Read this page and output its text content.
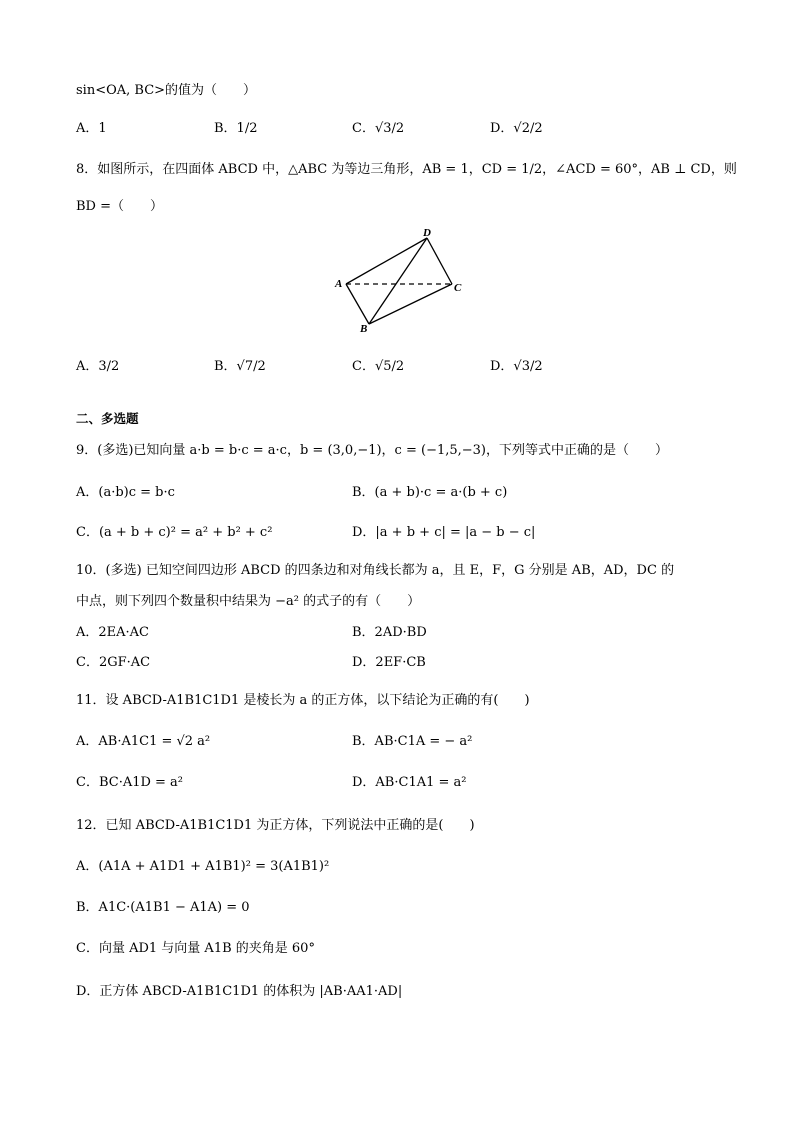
sin<OA, BC>的值为（　　）
A．1	B．1/2	C．√3/2	D．√2/2
8．如图所示，在四面体 ABCD 中，△ABC 为等边三角形，AB = 1，CD = 1/2，∠ACD = 60°，AB ⊥ CD，则
BD =（　　）
A
B
C
D
A．3/2	B．√7/2	C．√5/2	D．√3/2
二、多选题
9．(多选)已知向量 a·b = b·c = a·c，b = (3,0,−1)，c = (−1,5,−3)，下列等式中正确的是（　　）
A．(a·b)c = b·c	B．(a + b)·c = a·(b + c)
C．(a + b + c)² = a² + b² + c²	D．|a + b + c| = |a − b − c|
10．(多选) 已知空间四边形 ABCD 的四条边和对角线长都为 a，且 E，F，G 分别是 AB，AD，DC 的
中点，则下列四个数量积中结果为 −a² 的式子的有（　　）
A．2EA·AC	B．2AD·BD
C．2GF·AC	D．2EF·CB
11．设 ABCD-A1B1C1D1 是棱长为 a 的正方体，以下结论为正确的有(　　)
A．AB·A1C1 = √2 a²	B．AB·C1A = − a²
C．BC·A1D = a²	D．AB·C1A1 = a²
12．已知 ABCD-A1B1C1D1 为正方体，下列说法中正确的是(　　)
A．(A1A + A1D1 + A1B1)² = 3(A1B1)²
B．A1C·(A1B1 − A1A) = 0
C．向量 AD1 与向量 A1B 的夹角是 60°
D．正方体 ABCD-A1B1C1D1 的体积为 |AB·AA1·AD|
